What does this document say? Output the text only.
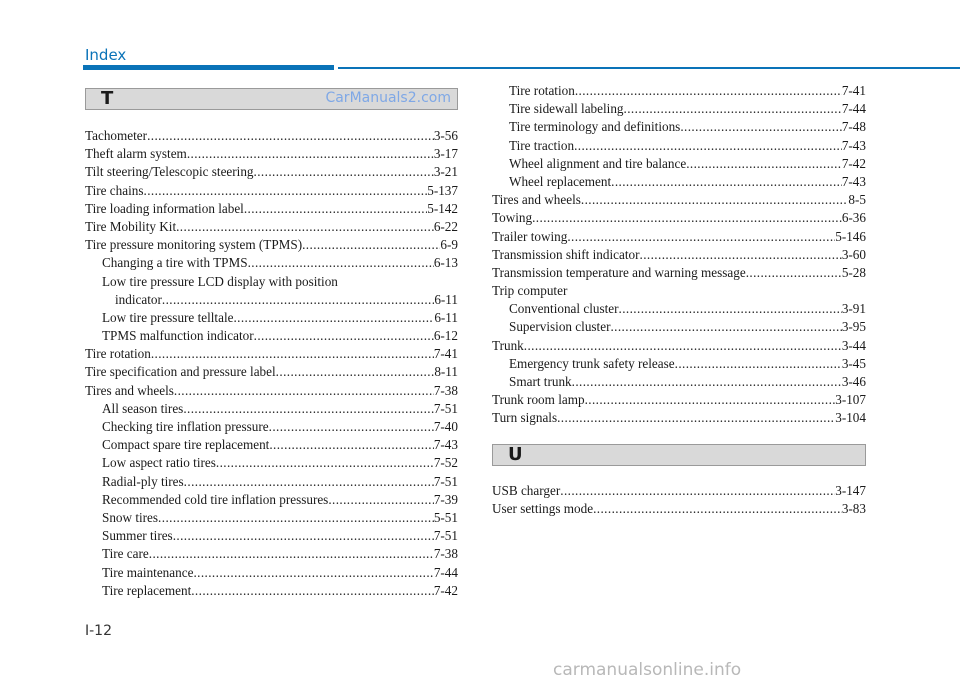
Index
T	CarManuals2.com
Tachometer .....	3-56
Theft alarm system .....	3-17
Tilt steering/Telescopic steering .....	3-21
Tire chains .....	5-137
Tire loading information label .....	5-142
Tire Mobility Kit .....	6-22
Tire pressure monitoring system (TPMS) .....	6-9
Changing a tire with TPMS .....	6-13
Low tire pressure LCD display with position
indicator .....	6-11
Low tire pressure telltale .....	6-11
TPMS malfunction indicator .....	6-12
Tire rotation .....	7-41
Tire specification and pressure label .....	8-11
Tires and wheels .....	7-38
All season tires .....	7-51
Checking tire inflation pressure .....	7-40
Compact spare tire replacement .....	7-43
Low aspect ratio tires .....	7-52
Radial-ply tires .....	7-51
Recommended cold tire inflation pressures .....	7-39
Snow tires .....	5-51
Summer tires .....	7-51
Tire care .....	7-38
Tire maintenance .....	7-44
Tire replacement .....	7-42
Tire rotation .....	7-41
Tire sidewall labeling .....	7-44
Tire terminology and definitions .....	7-48
Tire traction .....	7-43
Wheel alignment and tire balance .....	7-42
Wheel replacement .....	7-43
Tires and wheels .....	8-5
Towing .....	6-36
Trailer towing .....	5-146
Transmission shift indicator .....	3-60
Transmission temperature and warning message .....	5-28
Trip computer
Conventional cluster .....	3-91
Supervision cluster .....	3-95
Trunk .....	3-44
Emergency trunk safety release .....	3-45
Smart trunk .....	3-46
Trunk room lamp .....	3-107
Turn signals .....	3-104
U
USB charger .....	3-147
User settings mode .....	3-83
I-12
carmanualsonline.info
